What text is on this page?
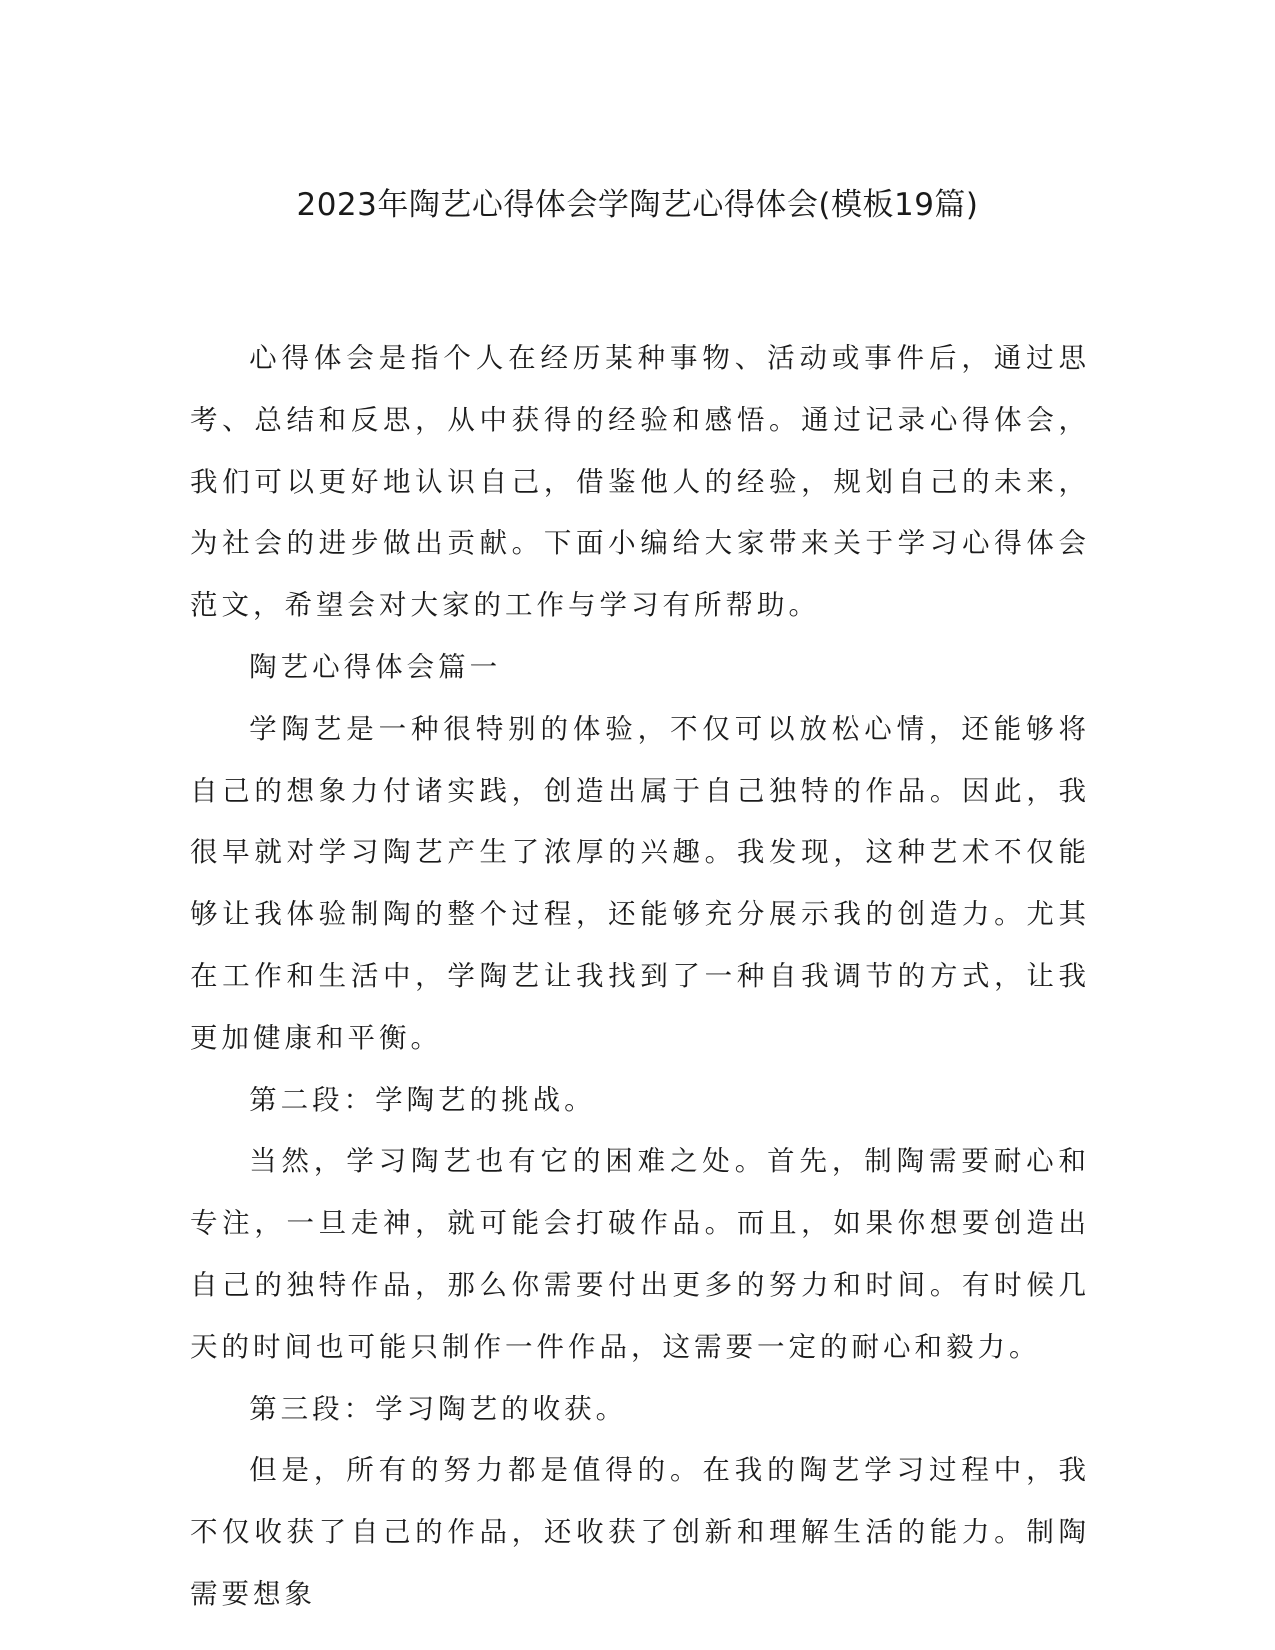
2023年陶艺心得体会学陶艺心得体会(模板19篇)

心得体会是指个人在经历某种事物、活动或事件后，通过思考、总结和反思，从中获得的经验和感悟。通过记录心得体会，我们可以更好地认识自己，借鉴他人的经验，规划自己的未来，为社会的进步做出贡献。下面小编给大家带来关于学习心得体会范文，希望会对大家的工作与学习有所帮助。

陶艺心得体会篇一

学陶艺是一种很特别的体验，不仅可以放松心情，还能够将自己的想象力付诸实践，创造出属于自己独特的作品。因此，我很早就对学习陶艺产生了浓厚的兴趣。我发现，这种艺术不仅能够让我体验制陶的整个过程，还能够充分展示我的创造力。尤其在工作和生活中，学陶艺让我找到了一种自我调节的方式，让我更加健康和平衡。

第二段：学陶艺的挑战。

当然，学习陶艺也有它的困难之处。首先，制陶需要耐心和专注，一旦走神，就可能会打破作品。而且，如果你想要创造出自己的独特作品，那么你需要付出更多的努力和时间。有时候几天的时间也可能只制作一件作品，这需要一定的耐心和毅力。

第三段：学习陶艺的收获。

但是，所有的努力都是值得的。在我的陶艺学习过程中，我不仅收获了自己的作品，还收获了创新和理解生活的能力。制陶需要想象
